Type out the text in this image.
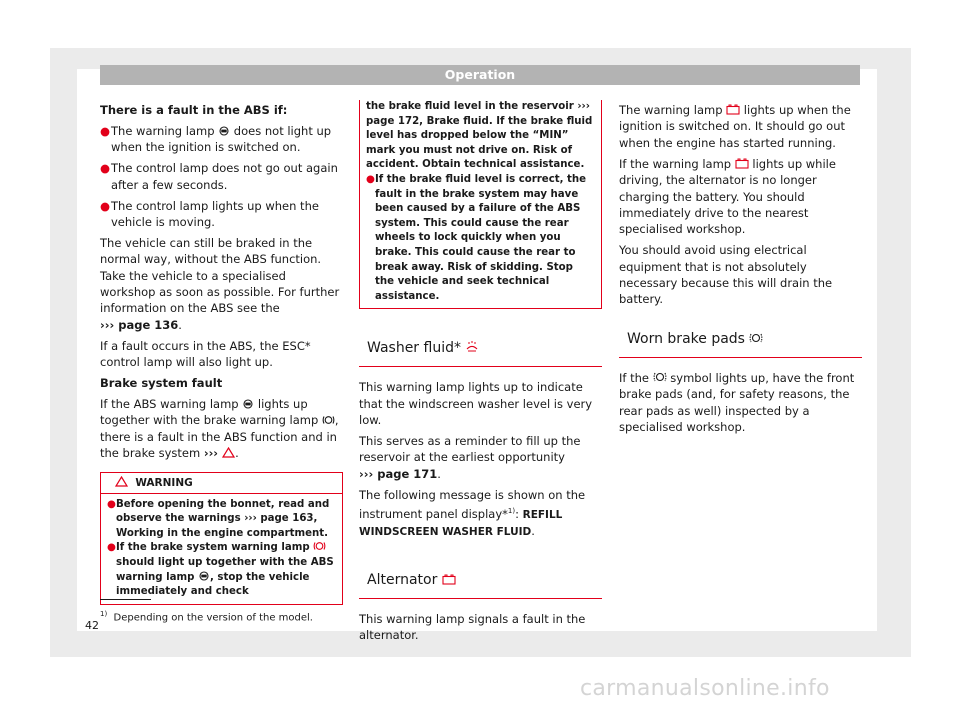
Operation

There is a fault in the ABS if:

● The warning lamp  does not light up when the ignition is switched on.

● The control lamp does not go out again after a few seconds.

● The control lamp lights up when the vehicle is moving.

The vehicle can still be braked in the normal way, without the ABS function. Take the vehicle to a specialised workshop as soon as possible. For further information on the ABS see the ››› page 136.

If a fault occurs in the ABS, the ESC* control lamp will also light up.

Brake system fault

If the ABS warning lamp  lights up together with the brake warning lamp , there is a fault in the ABS function and in the brake system ››› .

WARNING

● Before opening the bonnet, read and observe the warnings ››› page 163, Working in the engine compartment.

● If the brake system warning lamp  should light up together with the ABS warning lamp , stop the vehicle immediately and check

the brake fluid level in the reservoir ››› page 172, Brake fluid. If the brake fluid level has dropped below the “MIN” mark you must not drive on. Risk of accident. Obtain technical assistance.

● If the brake fluid level is correct, the fault in the brake system may have been caused by a failure of the ABS system. This could cause the rear wheels to lock quickly when you brake. This could cause the rear to break away. Risk of skidding. Stop the vehicle and seek technical assistance.

Washer fluid*

This warning lamp lights up to indicate that the windscreen washer level is very low.

This serves as a reminder to fill up the reservoir at the earliest opportunity ››› page 171.

The following message is shown on the instrument panel display*$^{1)}$: REFILL WINDSCREEN WASHER FLUID.

Alternator

This warning lamp signals a fault in the alternator.

The warning lamp  lights up when the ignition is switched on. It should go out when the engine has started running.

If the warning lamp  lights up while driving, the alternator is no longer charging the battery. You should immediately drive to the nearest specialised workshop.

You should avoid using electrical equipment that is not absolutely necessary because this will drain the battery.

Worn brake pads

If the  symbol lights up, have the front brake pads (and, for safety reasons, the rear pads as well) inspected by a specialised workshop.

$^{1)}$ Depending on the version of the model.
42
carmanualsonline.info
